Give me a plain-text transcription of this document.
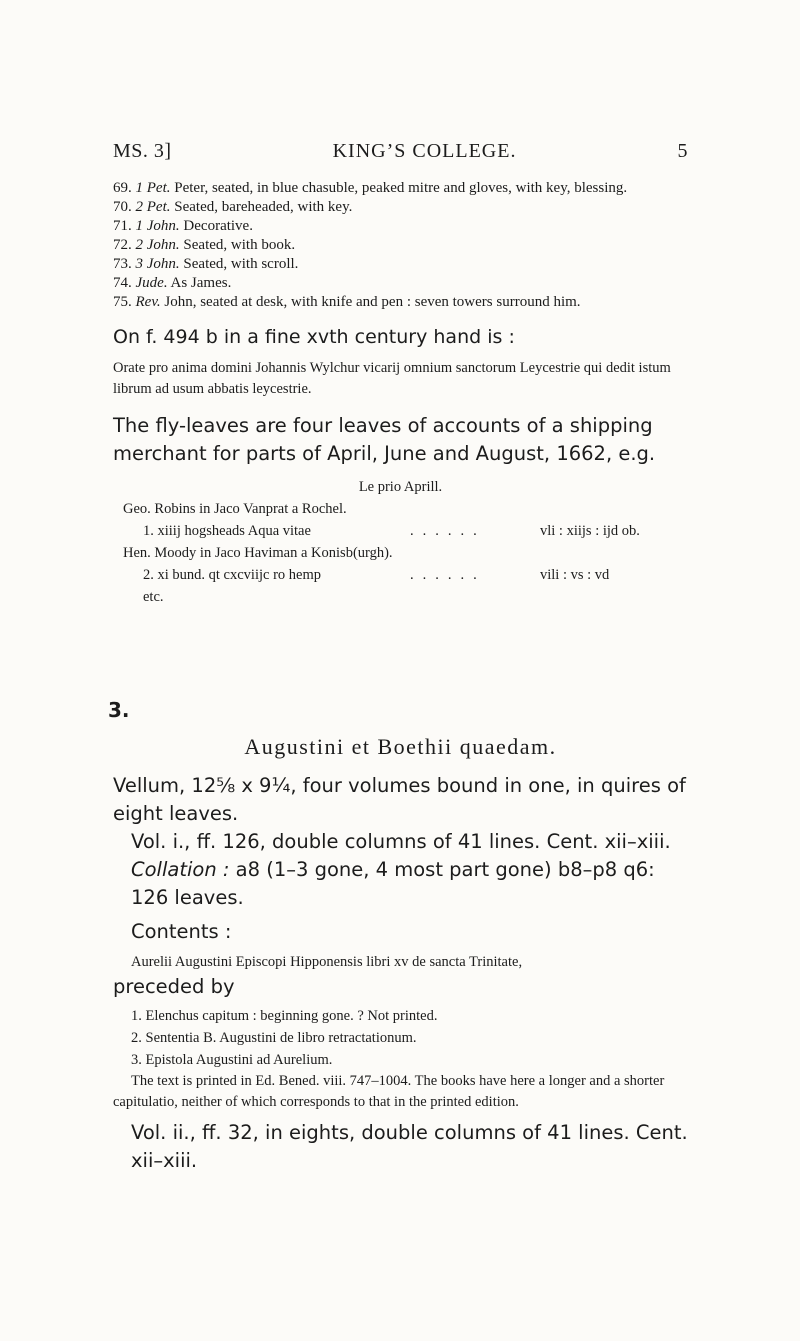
MS. 3]	KING’S COLLEGE.	5
69. 1 Pet. Peter, seated, in blue chasuble, peaked mitre and gloves, with key, blessing.
70. 2 Pet. Seated, bareheaded, with key.
71. 1 John. Decorative.
72. 2 John. Seated, with book.
73. 3 John. Seated, with scroll.
74. Jude. As James.
75. Rev. John, seated at desk, with knife and pen : seven towers surround him.
On f. 494 b in a fine xvth century hand is :
Orate pro anima domini Johannis Wylchur vicarij omnium sanctorum Leycestrie qui dedit istum librum ad usum abbatis leycestrie.
The fly-leaves are four leaves of accounts of a shipping merchant for parts of April, June and August, 1662, e.g.
Le prio Aprill.
Geo. Robins in Jaco Vanprat a Rochel.
1. xiiij hogsheads Aqua vitae	......	vli : xiijs : ijd ob.
Hen. Moody in Jaco Haviman a Konisb(urgh).
2. xi bund. qt cxcviijc ro hemp	......	vili : vs : vd
etc.
3.
Augustini et Boethii quaedam.
Vellum, 12⅝ x 9¼, four volumes bound in one, in quires of eight leaves.
Vol. i., ff. 126, double columns of 41 lines. Cent. xii–xiii.
Collation : a8 (1–3 gone, 4 most part gone) b8–p8 q6: 126 leaves.
Contents :
Aurelii Augustini Episcopi Hipponensis libri xv de sancta Trinitate,
preceded by
1. Elenchus capitum : beginning gone. ? Not printed.
2. Sententia B. Augustini de libro retractationum.
3. Epistola Augustini ad Aurelium.
The text is printed in Ed. Bened. viii. 747–1004. The books have here a longer and a shorter capitulatio, neither of which corresponds to that in the printed edition.
Vol. ii., ff. 32, in eights, double columns of 41 lines. Cent. xii–xiii.
